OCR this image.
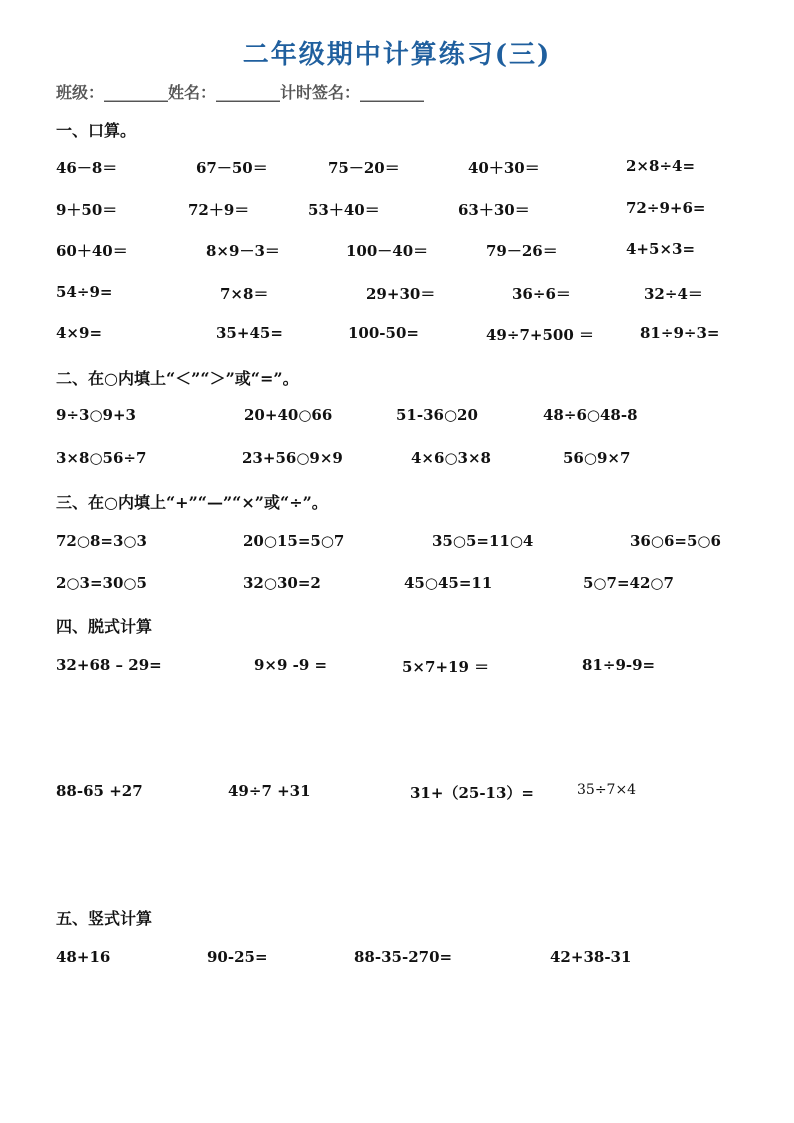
二年级期中计算练习(三)
班级：________姓名：________计时签名：________
一、口算。
46－8＝	67－50＝	75－20＝	40＋30＝	2×8÷4=
9＋50＝	72＋9＝	53＋40＝	63＋30＝	72÷9+6=
60＋40＝	8×9－3＝	100－40＝	79－26＝	4+5×3=
54÷9=	7×8＝	29+30＝	36÷6＝	32÷4＝
4×9=	35+45=	100-50=	49÷7+500 ＝	81÷9÷3=
二、在○内填上“＜”“＞”或“=”。
9÷3○9+3	20+40○66	51-36○20	48÷6○48-8
3×8○56÷7	23+56○9×9	4×6○3×8	56○9×7
三、在○内填上“+”“—”“×”或“÷”。
72○8=3○3	20○15=5○7	35○5=11○4	36○6=5○6
2○3=30○5	32○30=2	45○45=11	5○7=42○7
四、脱式计算
32+68 – 29=	9×9 -9 =	5×7+19 ＝	81÷9-9=
88-65 +27	49÷7 +31	31+（25-13）=	35÷7×4
五、竖式计算
48+16	90-25=	88-35-270=	42+38-31
